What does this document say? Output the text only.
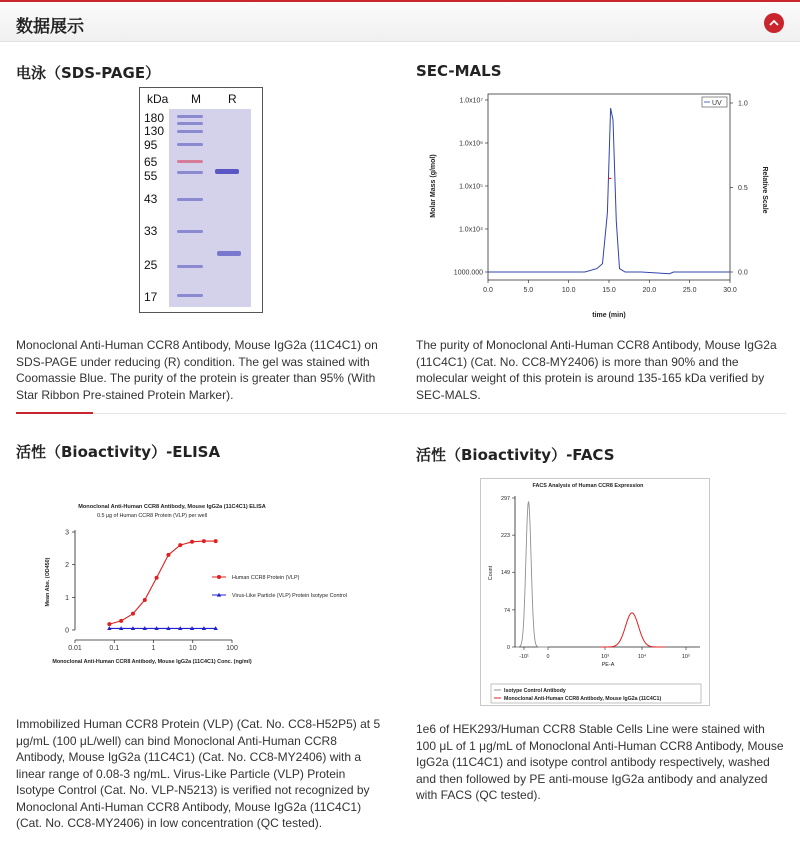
数据展示
电泳（SDS-PAGE）
kDa M R
180
130
95
65
55
43
33
25
17
Monoclonal Anti-Human CCR8 Antibody, Mouse IgG2a (11C4C1) on SDS-PAGE under reducing (R) condition. The gel was stained with Coomassie Blue. The purity of the protein is greater than 95% (With Star Ribbon Pre-stained Protein Marker).
SEC-MALS
0.0	5.0	10.0	15.0	20.0	25.0	30.0
1000.000
1.0x10⁴
1.0x10⁵
1.0x10⁶
1.0x10⁷
0.0
0.5
1.0
time (min)
Molar Mass (g/mol)	Relative Scale
UV
The purity of Monoclonal Anti-Human CCR8 Antibody, Mouse IgG2a (11C4C1) (Cat. No. CC8-MY2406) is more than 90% and the molecular weight of this protein is around 135-165 kDa verified by SEC-MALS.
活性（Bioactivity）-ELISA
Monoclonal Anti-Human CCR8 Antibody, Mouse IgG2a (11C4C1) ELISA
0.5 μg of Human CCR8 Protein (VLP) per well
0
1
2
3
0.01	0.1	1	10	100
Monoclonal Anti-Human CCR8 Antibody, Mouse IgG2a (11C4C1) Conc. (ng/ml)
Mean Abs. (OD450)	Human CCR8 Protein (VLP)
Virus-Like Particle (VLP) Protein Isotype Control
Immobilized Human CCR8 Protein (VLP) (Cat. No. CC8-H52P5) at 5 μg/mL (100 μL/well) can bind Monoclonal Anti-Human CCR8 Antibody, Mouse IgG2a (11C4C1) (Cat. No. CC8-MY2406) with a linear range of 0.08-3 ng/mL. Virus-Like Particle (VLP) Protein Isotype Control (Cat. No. VLP-N5213) is verified not recognized by Monoclonal Anti-Human CCR8 Antibody, Mouse IgG2a (11C4C1) (Cat. No. CC8-MY2406) in low concentration (QC tested).
活性（Bioactivity）-FACS
FACS Analysis of Human CCR8 Expression
0
74
149
223
297
-10¹	0	10³	10⁴	10⁵
PE-A
Count
Isotype Control Antibody
Monoclonal Anti-Human CCR8 Antibody, Mouse IgG2a (11C4C1)
1e6 of HEK293/Human CCR8 Stable Cells Line were stained with 100 μL of 1 μg/mL of Monoclonal Anti-Human CCR8 Antibody, Mouse IgG2a (11C4C1) and isotype control antibody respectively, washed and then followed by PE anti-mouse IgG2a antibody and analyzed with FACS (QC tested).
